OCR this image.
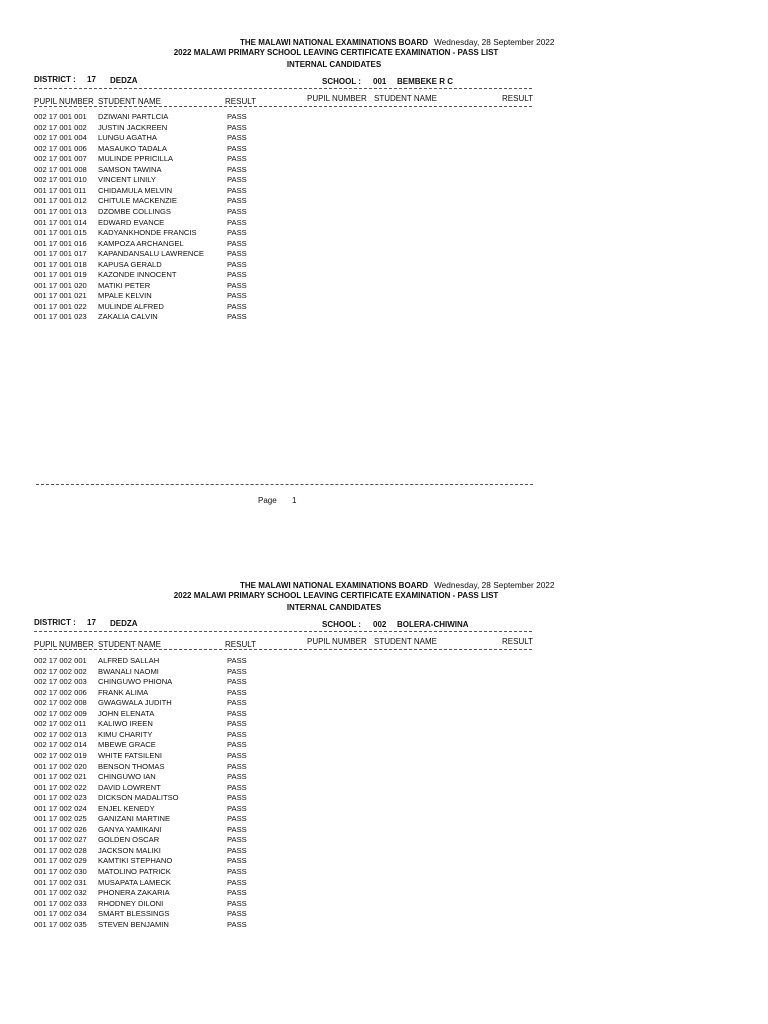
THE MALAWI NATIONAL EXAMINATIONS BOARD Wednesday, 28 September 2022
2022 MALAWI PRIMARY SCHOOL LEAVING CERTIFICATE EXAMINATION - PASS LIST
INTERNAL CANDIDATES
DISTRICT : 17 DEDZA	SCHOOL : 001 BEMBEKE R C
PUPIL NUMBER STUDENT NAME	RESULT	PUPIL NUMBER STUDENT NAME	RESULT
002 17 001 001 DZIWANI PARTLCIA	PASS
002 17 001 002 JUSTIN JACKREEN	PASS
002 17 001 004 LUNGU AGATHA	PASS
002 17 001 006 MASAUKO TADALA	PASS
002 17 001 007 MULINDE PPRICILLA	PASS
002 17 001 008 SAMSON TAWINA	PASS
002 17 001 010 VINCENT LINILY	PASS
001 17 001 011 CHIDAMULA MELVIN	PASS
001 17 001 012 CHITULE MACKENZIE	PASS
001 17 001 013 DZOMBE COLLINGS	PASS
001 17 001 014 EDWARD EVANCE	PASS
001 17 001 015 KADYANKHONDE FRANCIS	PASS
001 17 001 016 KAMPOZA ARCHANGEL	PASS
001 17 001 017 KAPANDANSALU LAWRENCE	PASS
001 17 001 018 KAPUSA GERALD	PASS
001 17 001 019 KAZONDE INNOCENT	PASS
001 17 001 020 MATIKI PETER	PASS
001 17 001 021 MPALE KELVIN	PASS
001 17 001 022 MULINDE ALFRED	PASS
001 17 001 023 ZAKALIA CALVIN	PASS
Page 1
THE MALAWI NATIONAL EXAMINATIONS BOARD Wednesday, 28 September 2022
2022 MALAWI PRIMARY SCHOOL LEAVING CERTIFICATE EXAMINATION - PASS LIST
INTERNAL CANDIDATES
DISTRICT : 17 DEDZA	SCHOOL : 002 BOLERA-CHIWINA
PUPIL NUMBER STUDENT NAME	RESULT	PUPIL NUMBER STUDENT NAME	RESULT
002 17 002 001 ALFRED SALLAH	PASS
002 17 002 002 BWANALI NAOMI	PASS
002 17 002 003 CHINGUWO PHIONA	PASS
002 17 002 006 FRANK ALIMA	PASS
002 17 002 008 GWAGWALA JUDITH	PASS
002 17 002 009 JOHN ELENATA	PASS
002 17 002 011 KALIWO IREEN	PASS
002 17 002 013 KIMU CHARITY	PASS
002 17 002 014 MBEWE GRACE	PASS
002 17 002 019 WHITE FATSILENI	PASS
001 17 002 020 BENSON THOMAS	PASS
001 17 002 021 CHINGUWO IAN	PASS
001 17 002 022 DAVID LOWRENT	PASS
001 17 002 023 DICKSON MADALITSO	PASS
001 17 002 024 ENJEL KENEDY	PASS
001 17 002 025 GANIZANI MARTINE	PASS
001 17 002 026 GANYA YAMIKANI	PASS
001 17 002 027 GOLDEN OSCAR	PASS
001 17 002 028 JACKSON MALIKI	PASS
001 17 002 029 KAMTIKI STEPHANO	PASS
001 17 002 030 MATOLINO PATRICK	PASS
001 17 002 031 MUSAPATA LAMECK	PASS
001 17 002 032 PHONERA ZAKARIA	PASS
001 17 002 033 RHODNEY DILONI	PASS
001 17 002 034 SMART BLESSINGS	PASS
001 17 002 035 STEVEN BENJAMIN	PASS
